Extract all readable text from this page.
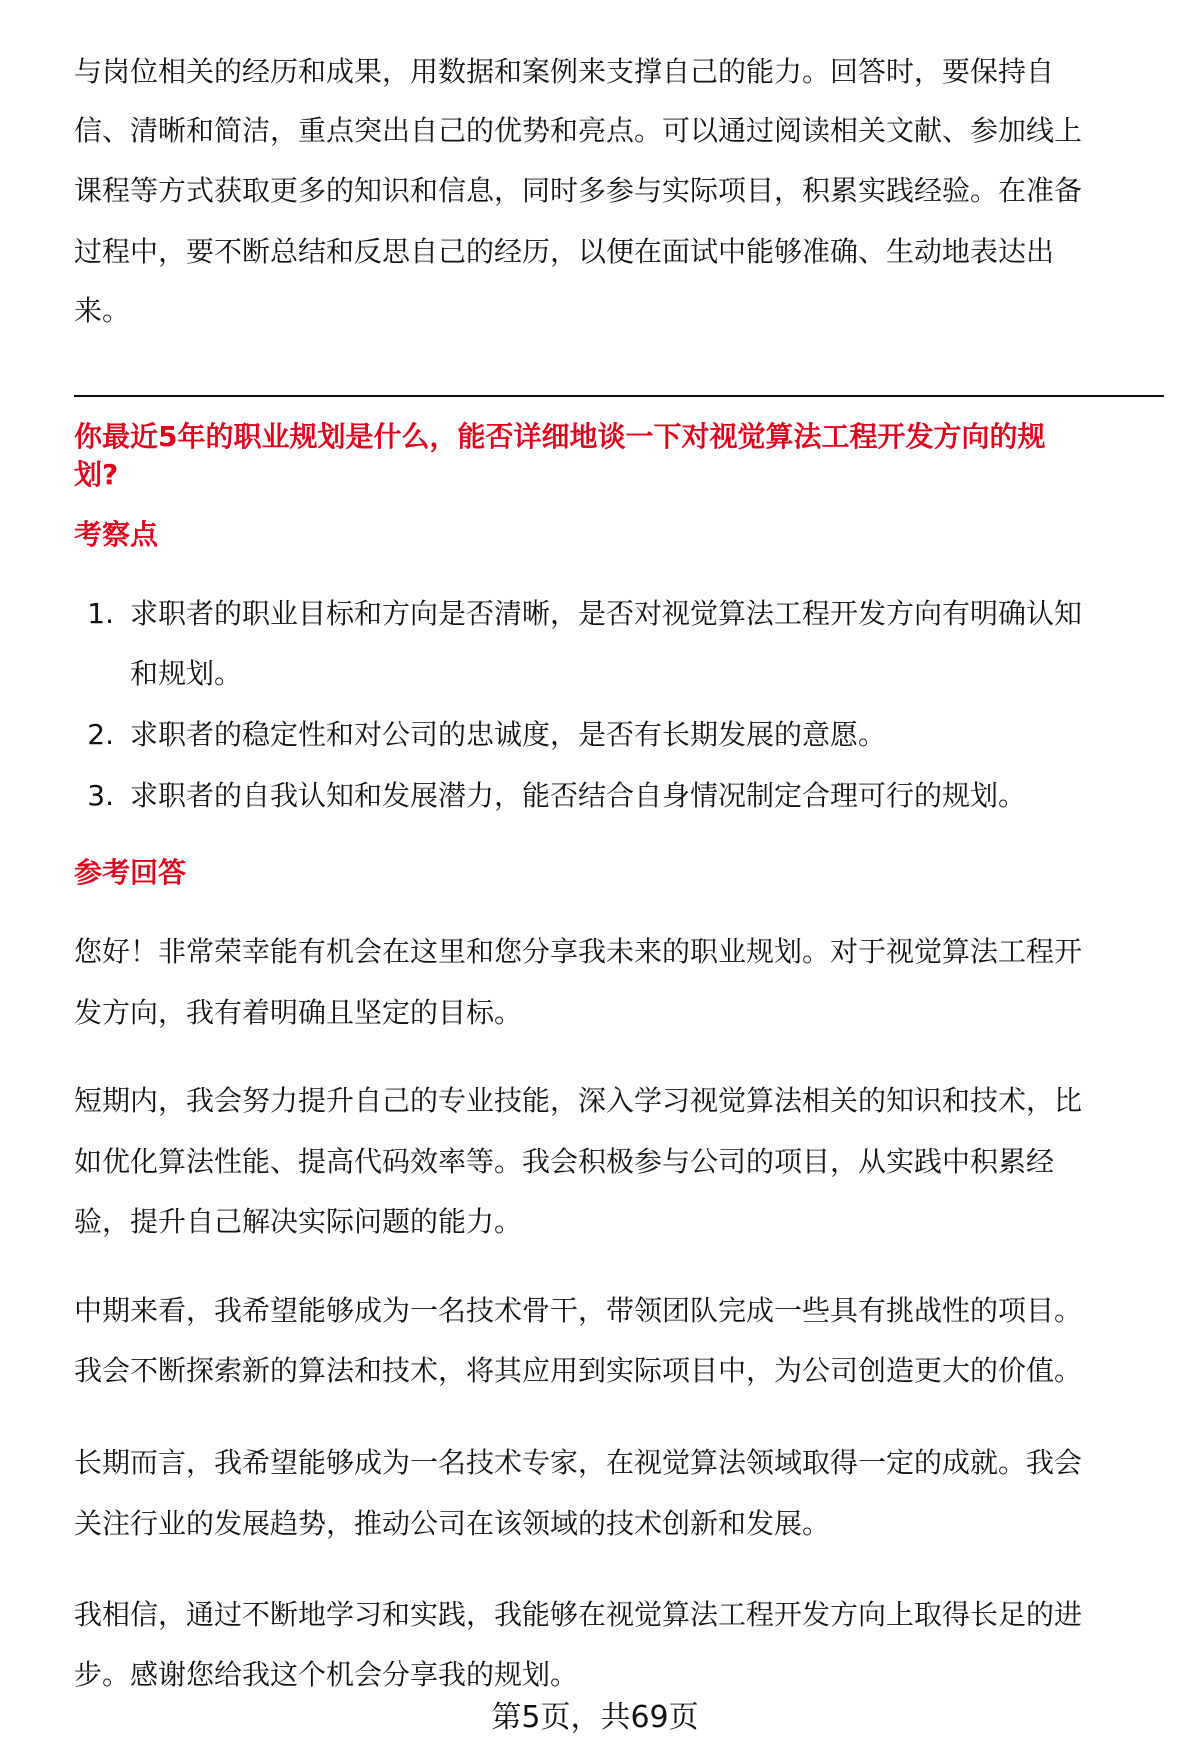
与岗位相关的经历和成果，用数据和案例来支撑自己的能力。回答时，要保持自
信、清晰和简洁，重点突出自己的优势和亮点。可以通过阅读相关文献、参加线上
课程等方式获取更多的知识和信息，同时多参与实际项目，积累实践经验。在准备
过程中，要不断总结和反思自己的经历，以便在面试中能够准确、生动地表达出
来。
你最近5年的职业规划是什么，能否详细地谈一下对视觉算法工程开发方向的规
划?
考察点
1. 求职者的职业目标和方向是否清晰，是否对视觉算法工程开发方向有明确认知
和规划。
2. 求职者的稳定性和对公司的忠诚度，是否有长期发展的意愿。
3. 求职者的自我认知和发展潜力，能否结合自身情况制定合理可行的规划。
参考回答
您好！非常荣幸能有机会在这里和您分享我未来的职业规划。对于视觉算法工程开
发方向，我有着明确且坚定的目标。
短期内，我会努力提升自己的专业技能，深入学习视觉算法相关的知识和技术，比
如优化算法性能、提高代码效率等。我会积极参与公司的项目，从实践中积累经
验，提升自己解决实际问题的能力。
中期来看，我希望能够成为一名技术骨干，带领团队完成一些具有挑战性的项目。
我会不断探索新的算法和技术，将其应用到实际项目中，为公司创造更大的价值。
长期而言，我希望能够成为一名技术专家，在视觉算法领域取得一定的成就。我会
关注行业的发展趋势，推动公司在该领域的技术创新和发展。
我相信，通过不断地学习和实践，我能够在视觉算法工程开发方向上取得长足的进
步。感谢您给我这个机会分享我的规划。
第5页，共69页
